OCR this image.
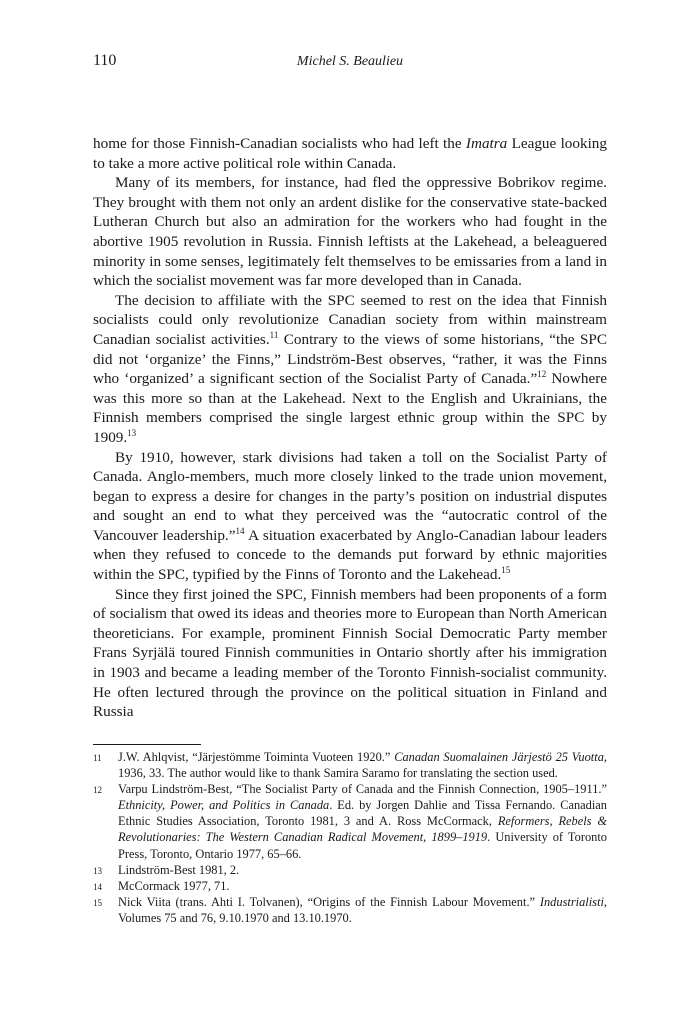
110	Michel S. Beaulieu

home for those Finnish-Canadian socialists who had left the Imatra League looking to take a more active political role within Canada.

Many of its members, for instance, had fled the oppressive Bobrikov regime. They brought with them not only an ardent dislike for the conservative state-backed Lutheran Church but also an admiration for the workers who had fought in the abortive 1905 revolution in Russia. Finnish leftists at the Lakehead, a beleaguered minority in some senses, legitimately felt themselves to be emissaries from a land in which the socialist movement was far more developed than in Canada.

The decision to affiliate with the SPC seemed to rest on the idea that Finnish socialists could only revolutionize Canadian society from within mainstream Canadian socialist activities.$^{11}$ Contrary to the views of some historians, “the SPC did not ‘organize’ the Finns,” Lindström-Best observes, “rather, it was the Finns who ‘organized’ a significant section of the Socialist Party of Canada.”$^{12}$ Nowhere was this more so than at the Lakehead. Next to the English and Ukrainians, the Finnish members comprised the single largest ethnic group within the SPC by 1909.13

By 1910, however, stark divisions had taken a toll on the Socialist Party of Canada. Anglo-members, much more closely linked to the trade union movement, began to express a desire for changes in the party’s position on industrial disputes and sought an end to what they perceived was the “autocratic control of the Vancouver leadership.”$^{14}$ A situation exacerbated by Anglo-Canadian labour leaders when they refused to concede to the demands put forward by ethnic majorities within the SPC, typified by the Finns of Toronto and the Lakehead.$^{15}$

Since they first joined the SPC, Finnish members had been proponents of a form of socialism that owed its ideas and theories more to European than North American theoreticians. For example, prominent Finnish Social Democratic Party member Frans Syrjälä toured Finnish communities in Ontario shortly after his immigration in 1903 and became a leading member of the Toronto Finnish-socialist community. He often lectured through the province on the political situation in Finland and Russia

11 J.W. Ahlqvist, “Järjestömme Toiminta Vuoteen 1920.” Canadan Suomalainen Järjestö 25 Vuotta, 1936, 33. The author would like to thank Samira Saramo for translating the section used.
12 Varpu Lindström-Best, “The Socialist Party of Canada and the Finnish Connection, 1905–1911.” Ethnicity, Power, and Politics in Canada. Ed. by Jorgen Dahlie and Tissa Fernando. Canadian Ethnic Studies Association, Toronto 1981, 3 and A. Ross McCormack, Reformers, Rebels & Revolutionaries: The Western Canadian Radical Movement, 1899–1919. University of Toronto Press, Toronto, Ontario 1977, 65–66.
13 Lindström-Best 1981, 2.
14 McCormack 1977, 71.
15 Nick Viita (trans. Ahti I. Tolvanen), “Origins of the Finnish Labour Movement.” Industrialisti, Volumes 75 and 76, 9.10.1970 and 13.10.1970.
